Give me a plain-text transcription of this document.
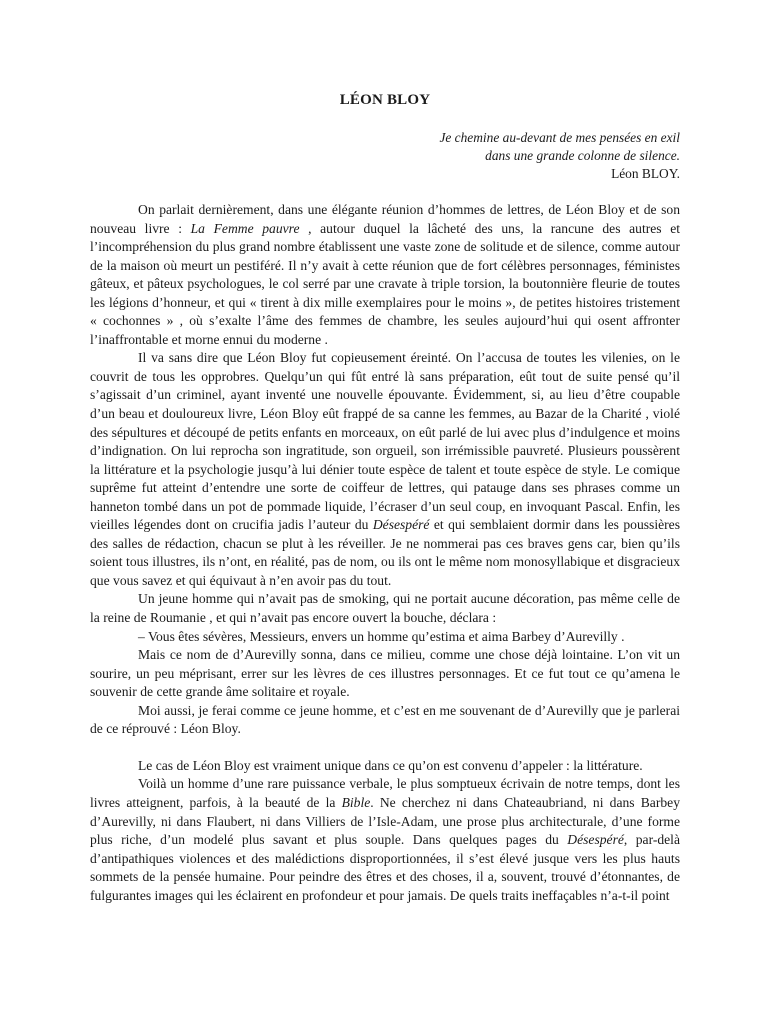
LÉON BLOY
Je chemine au-devant de mes pensées en exil
dans une grande colonne de silence.
Léon BLOY.

On parlait dernièrement, dans une élégante réunion d’hommes de lettres, de Léon Bloy et de son nouveau livre : La Femme pauvre , autour duquel la lâcheté des uns, la rancune des autres et l’incompréhension du plus grand nombre établissent une vaste zone de solitude et de silence, comme autour de la maison où meurt un pestiféré. Il n’y avait à cette réunion que de fort célèbres personnages, féministes gâteux, et pâteux psychologues, le col serré par une cravate à triple torsion, la boutonnière fleurie de toutes les légions d’honneur, et qui « tirent à dix mille exemplaires pour le moins », de petites histoires tristement « cochonnes » , où s’exalte l’âme des femmes de chambre, les seules aujourd’hui qui osent affronter l’inaffrontable et morne ennui du moderne .

Il va sans dire que Léon Bloy fut copieusement éreinté. On l’accusa de toutes les vilenies, on le couvrit de tous les opprobres. Quelqu’un qui fût entré là sans préparation, eût tout de suite pensé qu’il s’agissait d’un criminel, ayant inventé une nouvelle épouvante. Évidemment, si, au lieu d’être coupable d’un beau et douloureux livre, Léon Bloy eût frappé de sa canne les femmes, au Bazar de la Charité , violé des sépultures et découpé de petits enfants en morceaux, on eût parlé de lui avec plus d’indulgence et moins d’indignation. On lui reprocha son ingratitude, son orgueil, son irrémissible pauvreté. Plusieurs poussèrent la littérature et la psychologie jusqu’à lui dénier toute espèce de talent et toute espèce de style. Le comique suprême fut atteint d’entendre une sorte de coiffeur de lettres, qui patauge dans ses phrases comme un hanneton tombé dans un pot de pommade liquide, l’écraser d’un seul coup, en invoquant Pascal. Enfin, les vieilles légendes dont on crucifia jadis l’auteur du Désespéré et qui semblaient dormir dans les poussières des salles de rédaction, chacun se plut à les réveiller. Je ne nommerai pas ces braves gens car, bien qu’ils soient tous illustres, ils n’ont, en réalité, pas de nom, ou ils ont le même nom monosyllabique et disgracieux que vous savez et qui équivaut à n’en avoir pas du tout.

Un jeune homme qui n’avait pas de smoking, qui ne portait aucune décoration, pas même celle de la reine de Roumanie , et qui n’avait pas encore ouvert la bouche, déclara :

– Vous êtes sévères, Messieurs, envers un homme qu’estima et aima Barbey d’Aurevilly .

Mais ce nom de d’Aurevilly sonna, dans ce milieu, comme une chose déjà lointaine. L’on vit un sourire, un peu méprisant, errer sur les lèvres de ces illustres personnages. Et ce fut tout ce qu’amena le souvenir de cette grande âme solitaire et royale.

Moi aussi, je ferai comme ce jeune homme, et c’est en me souvenant de d’Aurevilly que je parlerai de ce réprouvé : Léon Bloy.

Le cas de Léon Bloy est vraiment unique dans ce qu’on est convenu d’appeler : la littérature.

Voilà un homme d’une rare puissance verbale, le plus somptueux écrivain de notre temps, dont les livres atteignent, parfois, à la beauté de la Bible. Ne cherchez ni dans Chateaubriand, ni dans Barbey d’Aurevilly, ni dans Flaubert, ni dans Villiers de l’Isle-Adam, une prose plus architecturale, d’une forme plus riche, d’un modelé plus savant et plus souple. Dans quelques pages du Désespéré, par-delà d’antipathiques violences et des malédictions disproportionnées, il s’est élevé jusque vers les plus hauts sommets de la pensée humaine. Pour peindre des êtres et des choses, il a, souvent, trouvé d’étonnantes, de fulgurantes images qui les éclairent en profondeur et pour jamais. De quels traits ineffaçables n’a-t-il point
